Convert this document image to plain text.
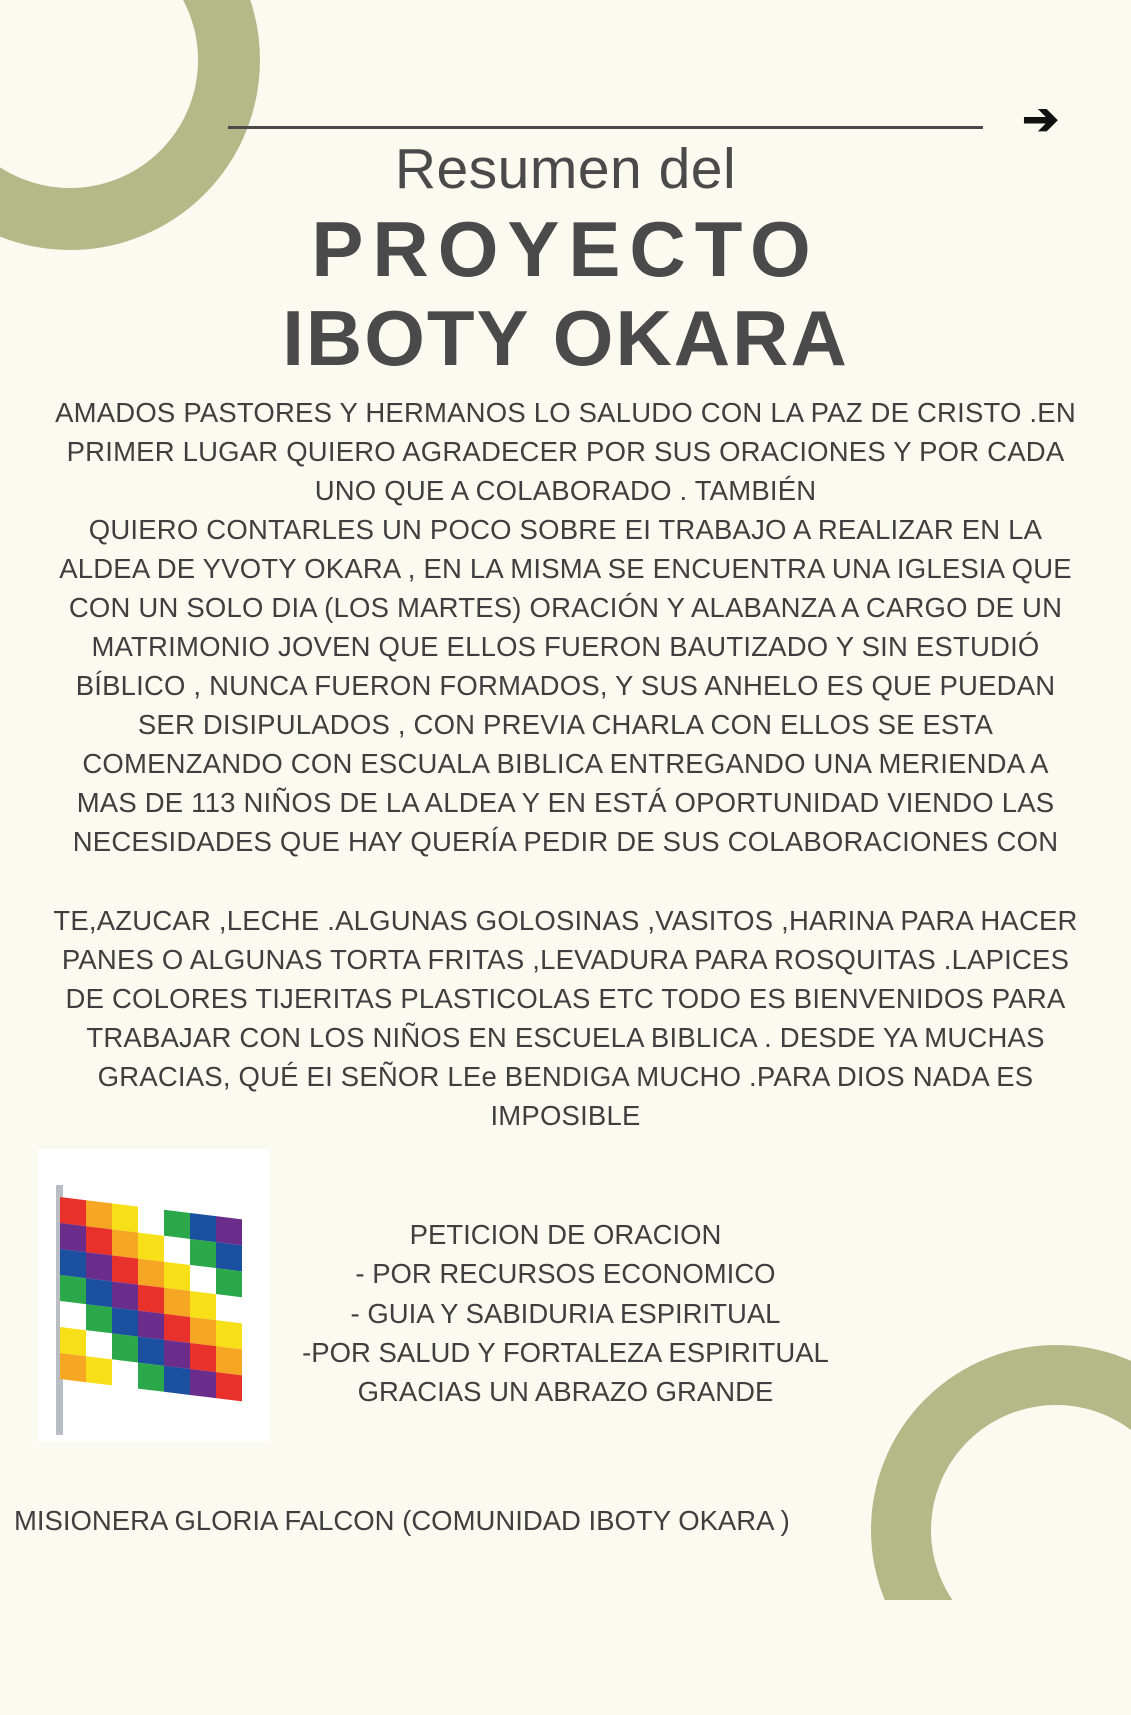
➔
Resumen del
PROYECTO
IBOTY OKARA

AMADOS PASTORES Y HERMANOS LO SALUDO CON LA PAZ DE CRISTO .EN

PRIMER LUGAR QUIERO AGRADECER POR SUS ORACIONES Y POR CADA

UNO QUE A COLABORADO . TAMBIÉN

QUIERO CONTARLES UN POCO SOBRE EI TRABAJO A REALIZAR EN LA

ALDEA DE YVOTY OKARA , EN LA MISMA SE ENCUENTRA UNA IGLESIA QUE

CON UN SOLO DIA (LOS MARTES) ORACIÓN Y ALABANZA A CARGO DE UN

MATRIMONIO JOVEN QUE ELLOS FUERON BAUTIZADO Y SIN ESTUDIÓ

BÍBLICO , NUNCA FUERON FORMADOS, Y SUS ANHELO ES QUE PUEDAN

SER DISIPULADOS , CON PREVIA CHARLA CON ELLOS SE ESTA

COMENZANDO CON ESCUALA BIBLICA ENTREGANDO UNA MERIENDA A

MAS DE 113 NIÑOS DE LA ALDEA Y EN ESTÁ OPORTUNIDAD VIENDO LAS

NECESIDADES QUE HAY QUERÍA PEDIR DE SUS COLABORACIONES CON

TE,AZUCAR ,LECHE .ALGUNAS GOLOSINAS ,VASITOS ,HARINA PARA HACER

PANES O ALGUNAS TORTA FRITAS ,LEVADURA PARA ROSQUITAS .LAPICES

DE COLORES TIJERITAS PLASTICOLAS ETC TODO ES BIENVENIDOS PARA

TRABAJAR CON LOS NIÑOS EN ESCUELA BIBLICA . DESDE YA MUCHAS

GRACIAS, QUÉ EI SEÑOR LEe BENDIGA MUCHO .PARA DIOS NADA ES

IMPOSIBLE

PETICION DE ORACION

- POR RECURSOS ECONOMICO

- GUIA Y SABIDURIA ESPIRITUAL

-POR SALUD Y FORTALEZA ESPIRITUAL

GRACIAS UN ABRAZO GRANDE

MISIONERA GLORIA FALCON (COMUNIDAD IBOTY OKARA )
